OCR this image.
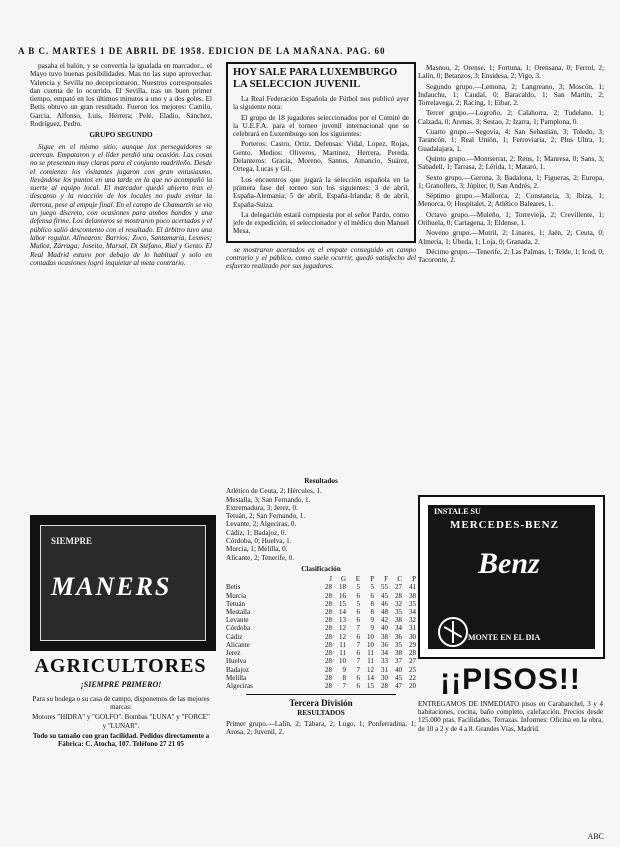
A B C. MARTES 1 DE ABRIL DE 1958. EDICION DE LA MAÑANA. PAG. 60

pasaba el balón, y se convertía la igualada en marcador... el Mayo tuvo buenas posibilidades. Mas no las supo aprovechar. Valencia y Sevilla no decepcionaron. Nuestros corresponsales dan cuenta de lo ocurrido. El Sevilla, tras un buen primer tiempo, empató en los últimos minutos a uno y a dos goles. El Betis obtuvo un gran resultado. Fueron los mejores: Camilo, Garcia, Alfonso, Luis, Herrera; Pelé, Eladio, Sánchez, Rodríguez, Pedro.

GRUPO SEGUNDO

Sigue en el mismo sitio, aunque los perseguidores se acercan. Empataron y el líder perdió una ocasión. Las cosas no se presentan muy claras para el conjunto madrileño. Desde el comienzo los visitantes jugaron con gran entusiasmo, llevándose los puntos en una tarde en la que no acompañó la suerte al equipo local. El marcador quedó abierto tras el descanso y la reacción de los locales no pudo evitar la derrota, pese al empuje final. En el campo de Chamartín se vio un juego discreto, con ocasiones para ambos bandos y una defensa firme. Los delanteros se mostraron poco acertados y el público salió descontento con el resultado. El árbitro tuvo una labor regular. Alinearon: Barrios; Zoco, Santamaría, Lesmes; Muñoz, Zárraga; Joseito, Marsal, Di Stéfano, Rial y Gento. El Real Madrid estuvo por debajo de lo habitual y solo en contadas ocasiones logró inquietar al meta contrario.

HOY SALE PARA LUXEMBURGO LA SELECCION JUVENIL

La Real Federación Española de Fútbol nos publicó ayer la siguiente nota:

El grupo de 18 jugadores seleccionados por el Comité de la U.E.F.A. para el torneo juvenil internacional que se celebrará en Luxemburgo son los siguientes:

Porteros: Castro, Ortiz. Defensas: Vidal, Lopez, Rojas, Gento. Medios: Oliveros, Martinez, Herrera, Pereda. Delanteros: Gracia, Moreno, Santos, Amancio, Suárez, Ortega, Lucas y Gil.

Los encuentros que jugará la selección española en la primera fase del torneo son los siguientes: 3 de abril, España-Alemania; 5 de abril, España-Irlanda; 8 de abril, España-Suiza.

La delegación estará compuesta por el señor Pardo, como jefe de expedición, el seleccionador y el médico don Manuel Mesa.

se mostraron acertados en el empate conseguido en campo contrario y el público, como suele ocurrir, quedó satisfecho del esfuerzo realizado por sus jugadores.

Resultados
Atlético de Ceuta, 2; Hércules, 1.
Mestalla, 3; San Fernando, 1.
Extremadura, 3; Jerez, 0.
Tetuán, 2; San Fernando, 1.
Levante, 2; Algeciras, 0.
Cádiz, 1; Badajoz, 0.
Córdoba, 0; Huelva, 1.
Murcia, 1; Melilla, 0.
Alicante, 2; Tenerife, 0.
Clasificación
	J	G	E	P	F	C	P
Betis	28	18	5	5	55	27	41
Murcia	28	16	6	6	45	28	38
Tetuán	28	15	5	8	46	32	35
Mestalla	28	14	6	8	48	35	34
Levante	28	13	6	9	42	38	32
Córdoba	28	12	7	9	40	34	31
Cádiz	28	12	6	10	38	36	30
Alicante	28	11	7	10	36	35	29
Jerez	28	11	6	11	34	38	28
Huelva	28	10	7	11	33	37	27
Badajoz	28	9	7	12	31	40	25
Melilla	28	8	6	14	30	45	22
Algeciras	28	7	6	15	28	47	20
Tercera División
RESULTADOS

Primer grupo.—Lalín, 2; Tábara, 2; Lugo, 1; Ponferradina, 1; Arosa, 2; Juvenil, 2.

Masnou, 2; Orense, 1; Fortuna, 1; Orensana, 0; Ferrol, 2; Lalín, 0; Betanzos, 3; Ensidesa, 2; Vigo, 3.

Segundo grupo.—Lemona, 2; Langreano, 3; Moscón, 1; Indauchu, 1; Caudal, 0; Baracaldo, 1; San Martín, 2; Torrelavega, 2; Racing, 1; Eibar, 2.

Tercer grupo.—Logroño, 2; Calahorra, 2; Tudelano, 1; Calzada, 0; Arenas, 3; Sestao, 2; Izarra, 1; Pamplona, 0.

Cuarto grupo.—Segovia, 4; San Sebastián, 3; Toledo, 3; Tarancón, 1; Real Unión, 1; Ferroviaria, 2; Plus Ultra, 1; Guadalajara, 1.

Quinto grupo.—Montserrat, 2; Reus, 1; Manresa, 0; Sans, 3; Sabadell, 1; Tarrasa, 2; Lérida, 1; Mataró, 1.

Sexto grupo.—Gerona, 3; Badalona, 1; Figueras, 2; Europa, 1; Granollers, 3; Júpiter, 0; San Andrés, 2.

Séptimo grupo.—Mallorca, 2; Constancia, 3; Ibiza, 1; Menorca, 0; Hospitalet, 2; Atlético Baleares, 1.

Octavo grupo.—Muleño, 1; Torrevieja, 2; Crevillente, 1; Orihuela, 0; Cartagena, 3; Eldense, 1.

Noveno grupo.—Motril, 2; Linares, 1; Jaén, 2; Ceuta, 0; Almería, 1; Úbeda, 1; Loja, 0; Granada, 2.

Décimo grupo.—Tenerife, 2; Las Palmas, 1; Telde, 1; Icod, 0; Tacoronte, 2.

SIEMPRE
MANERS
AGRICULTORES
¡SIEMPRE PRIMERO!

Para su bodega o su casa de campo, disponemos de las mejores marcas:

Motores "HIDRA" y "GOLFO". Bombas "LUNA" y "FORCE" y "LUNAR".

Todo su tamaño con gran facilidad. Pedidos directamente a Fábrica: C. Atocha, 107. Teléfono 27 21 05

INSTALE SU
MERCEDES-BENZ
Benz
MONTE EN EL DIA
¡¡PISOS!!
ENTREGAMOS DE INMEDIATO pisos en Carabanchel, 3 y 4 habitaciones, cocina, baño completo, calefacción. Precios desde 125.000 ptas. Facilidades. Terrazas. Informes: Oficina en la obra, de 10 a 2 y de 4 a 8. Grandes Vías, Madrid.
ABC
